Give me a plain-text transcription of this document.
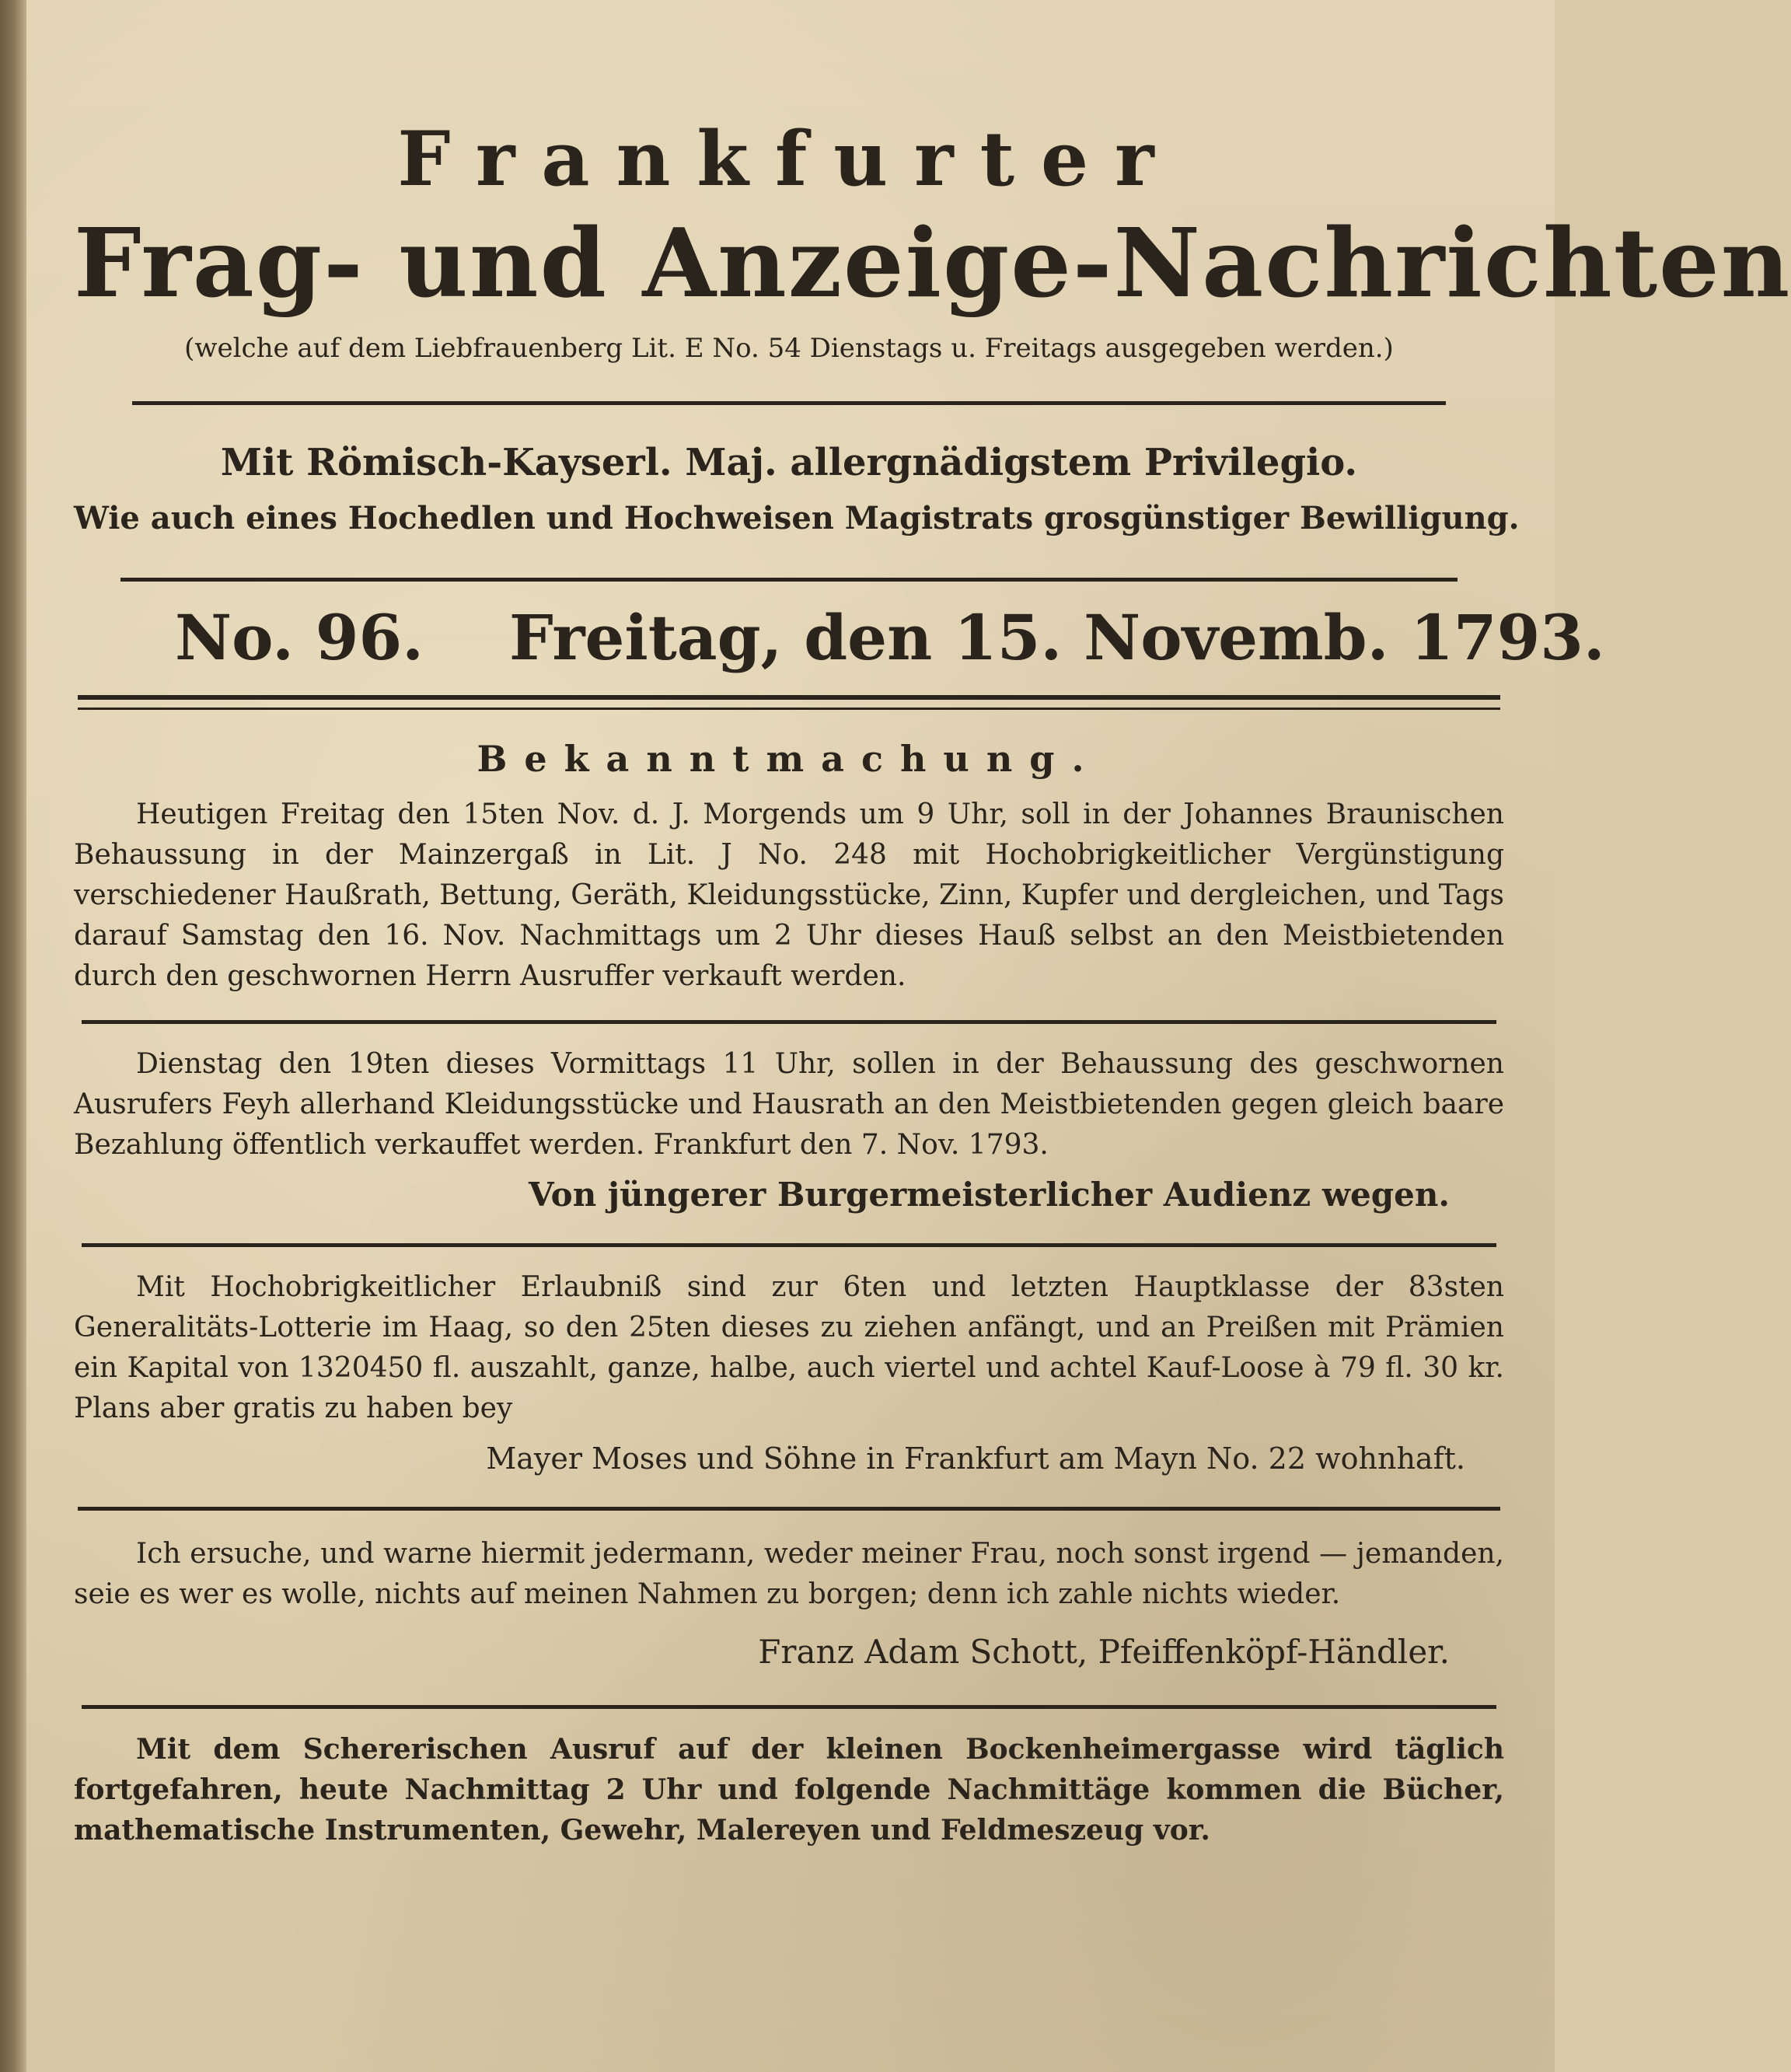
Frankfurter

Frag- und Anzeige-Nachrichten

(welche auf dem Liebfrauenberg Lit. E No. 54 Dienstags u. Freitags ausgegeben werden.)

Mit Römisch-Kayserl. Maj. allergnädigstem Privilegio.

Wie auch eines Hochedlen und Hochweisen Magistrats grosgünstiger Bewilligung.

No. 96. Freitag, den 15. Novemb. 1793.

Bekanntmachung.

Heutigen Freitag den 15ten Nov. d. J. Morgends um 9 Uhr, soll in der Johannes Braunischen Behaussung in der Mainzergaß in Lit. J No. 248 mit Hochobrigkeitlicher Vergünstigung verschiedener Haußrath, Bettung, Geräth, Kleidungsstücke, Zinn, Kupfer und dergleichen, und Tags darauf Samstag den 16. Nov. Nachmittags um 2 Uhr dieses Hauß selbst an den Meistbietenden durch den geschwornen Herrn Ausruffer verkauft werden.

Dienstag den 19ten dieses Vormittags 11 Uhr, sollen in der Behaussung des geschwornen Ausrufers Feyh allerhand Kleidungsstücke und Hausrath an den Meistbietenden gegen gleich baare Bezahlung öffentlich verkauffet werden. Frankfurt den 7. Nov. 1793.

Von jüngerer Burgermeisterlicher Audienz wegen.

Mit Hochobrigkeitlicher Erlaubniß sind zur 6ten und letzten Hauptklasse der 83sten Generalitäts-Lotterie im Haag, so den 25ten dieses zu ziehen anfängt, und an Preißen mit Prämien ein Kapital von 1320450 fl. auszahlt, ganze, halbe, auch viertel und achtel Kauf-Loose à 79 fl. 30 kr. Plans aber gratis zu haben bey

Mayer Moses und Söhne in Frankfurt am Mayn No. 22 wohnhaft.

Ich ersuche, und warne hiermit jedermann, weder meiner Frau, noch sonst irgend — jemanden, seie es wer es wolle, nichts auf meinen Nahmen zu borgen; denn ich zahle nichts wieder.

Franz Adam Schott, Pfeiffenköpf-Händler.

Mit dem Schererischen Ausruf auf der kleinen Bockenheimergasse wird täglich fortgefahren, heute Nachmittag 2 Uhr und folgende Nachmittäge kommen die Bücher, mathematische Instrumenten, Gewehr, Malereyen und Feldmeszeug vor.
